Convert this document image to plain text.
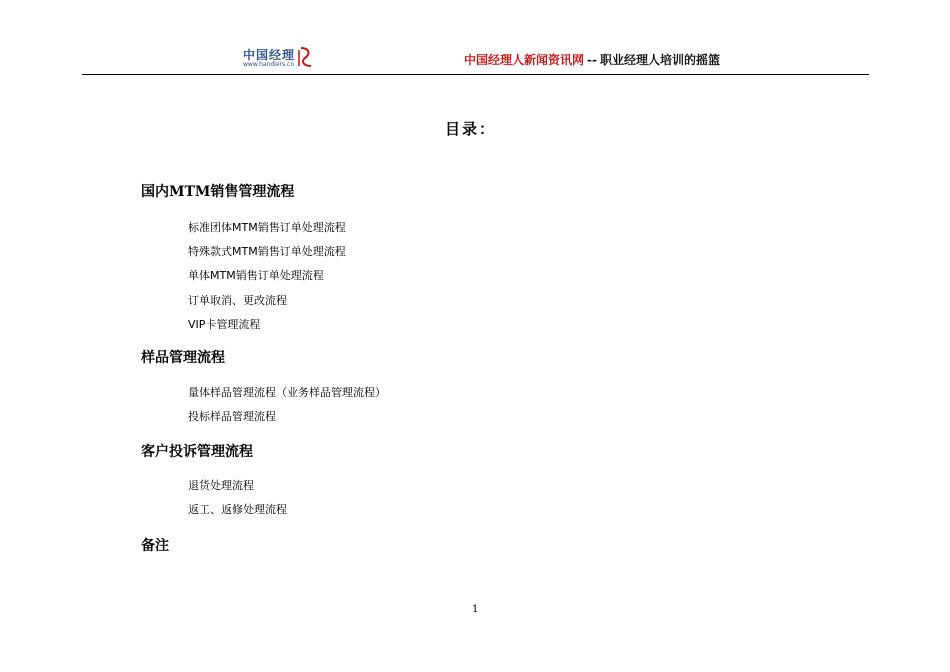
中国经理
www.handlers.cn	中国经理人新闻资讯网 -- 职业经理人培训的摇篮
目录：
国内MTM销售管理流程
标准团体MTM销售订单处理流程
特殊款式MTM销售订单处理流程
单体MTM销售订单处理流程
订单取消、更改流程
VIP卡管理流程
样品管理流程
量体样品管理流程（业务样品管理流程）
投标样品管理流程
客户投诉管理流程
退货处理流程
返工、返修处理流程
备注
1
